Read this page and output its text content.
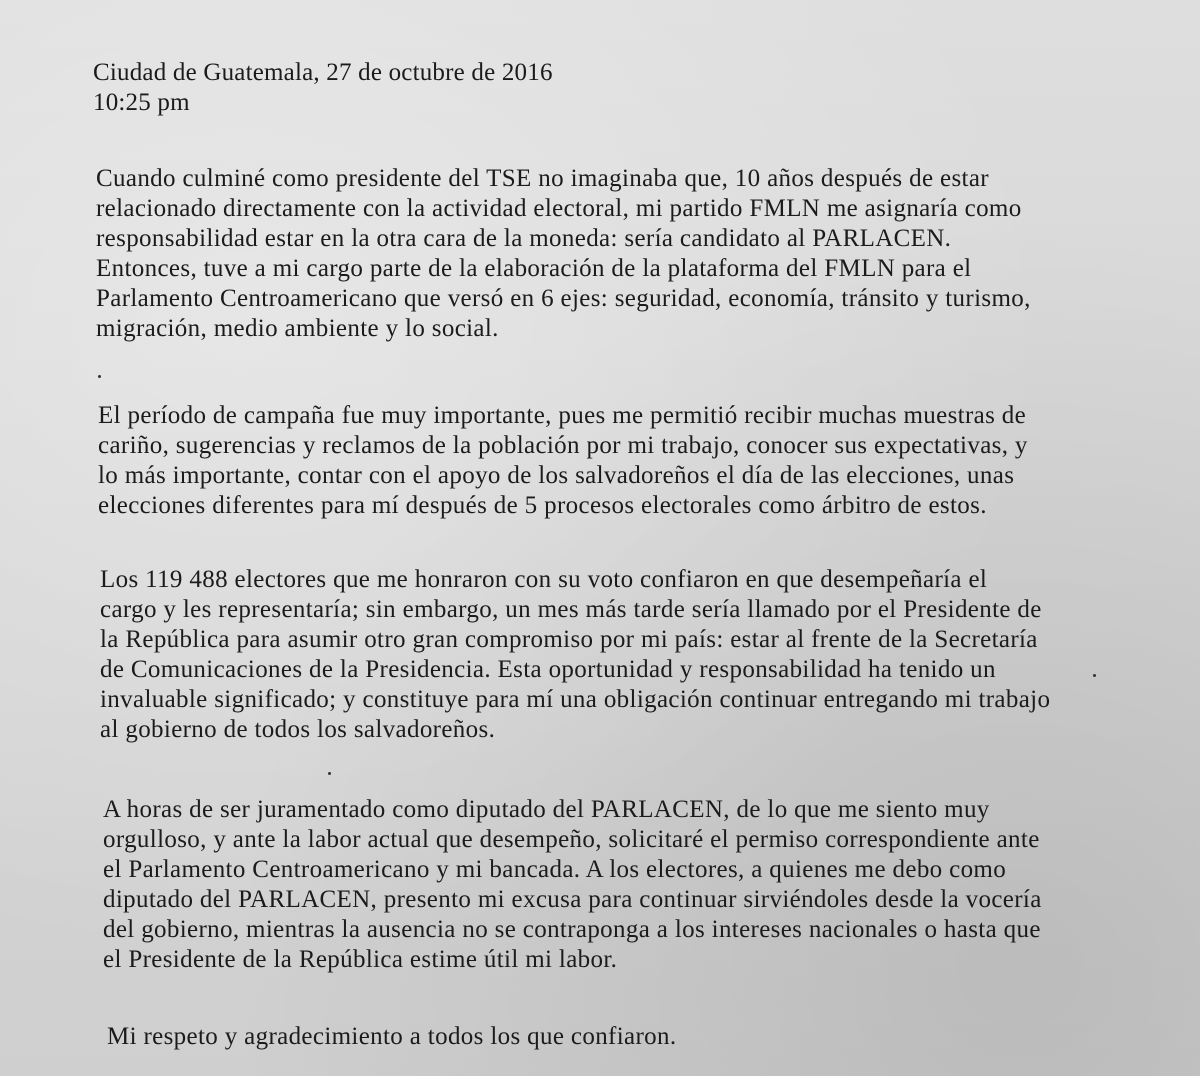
Ciudad de Guatemala, 27 de octubre de 2016
10:25 pm
Cuando culminé como presidente del TSE no imaginaba que, 10 años después de estar
relacionado directamente con la actividad electoral, mi partido FMLN me asignaría como
responsabilidad estar en la otra cara de la moneda: sería candidato al PARLACEN.
Entonces, tuve a mi cargo parte de la elaboración de la plataforma del FMLN para el
Parlamento Centroamericano que versó en 6 ejes: seguridad, economía, tránsito y turismo,
migración, medio ambiente y lo social.
El período de campaña fue muy importante, pues me permitió recibir muchas muestras de
cariño, sugerencias y reclamos de la población por mi trabajo, conocer sus expectativas, y
lo más importante, contar con el apoyo de los salvadoreños el día de las elecciones, unas
elecciones diferentes para mí después de 5 procesos electorales como árbitro de estos.
Los 119 488 electores que me honraron con su voto confiaron en que desempeñaría el
cargo y les representaría; sin embargo, un mes más tarde sería llamado por el Presidente de
la República para asumir otro gran compromiso por mi país: estar al frente de la Secretaría
de Comunicaciones de la Presidencia. Esta oportunidad y responsabilidad ha tenido un
invaluable significado; y constituye para mí una obligación continuar entregando mi trabajo
al gobierno de todos los salvadoreños.
A horas de ser juramentado como diputado del PARLACEN, de lo que me siento muy
orgulloso, y ante la labor actual que desempeño, solicitaré el permiso correspondiente ante
el Parlamento Centroamericano y mi bancada. A los electores, a quienes me debo como
diputado del PARLACEN, presento mi excusa para continuar sirviéndoles desde la vocería
del gobierno, mientras la ausencia no se contraponga a los intereses nacionales o hasta que
el Presidente de la República estime útil mi labor.
Mi respeto y agradecimiento a todos los que confiaron.
